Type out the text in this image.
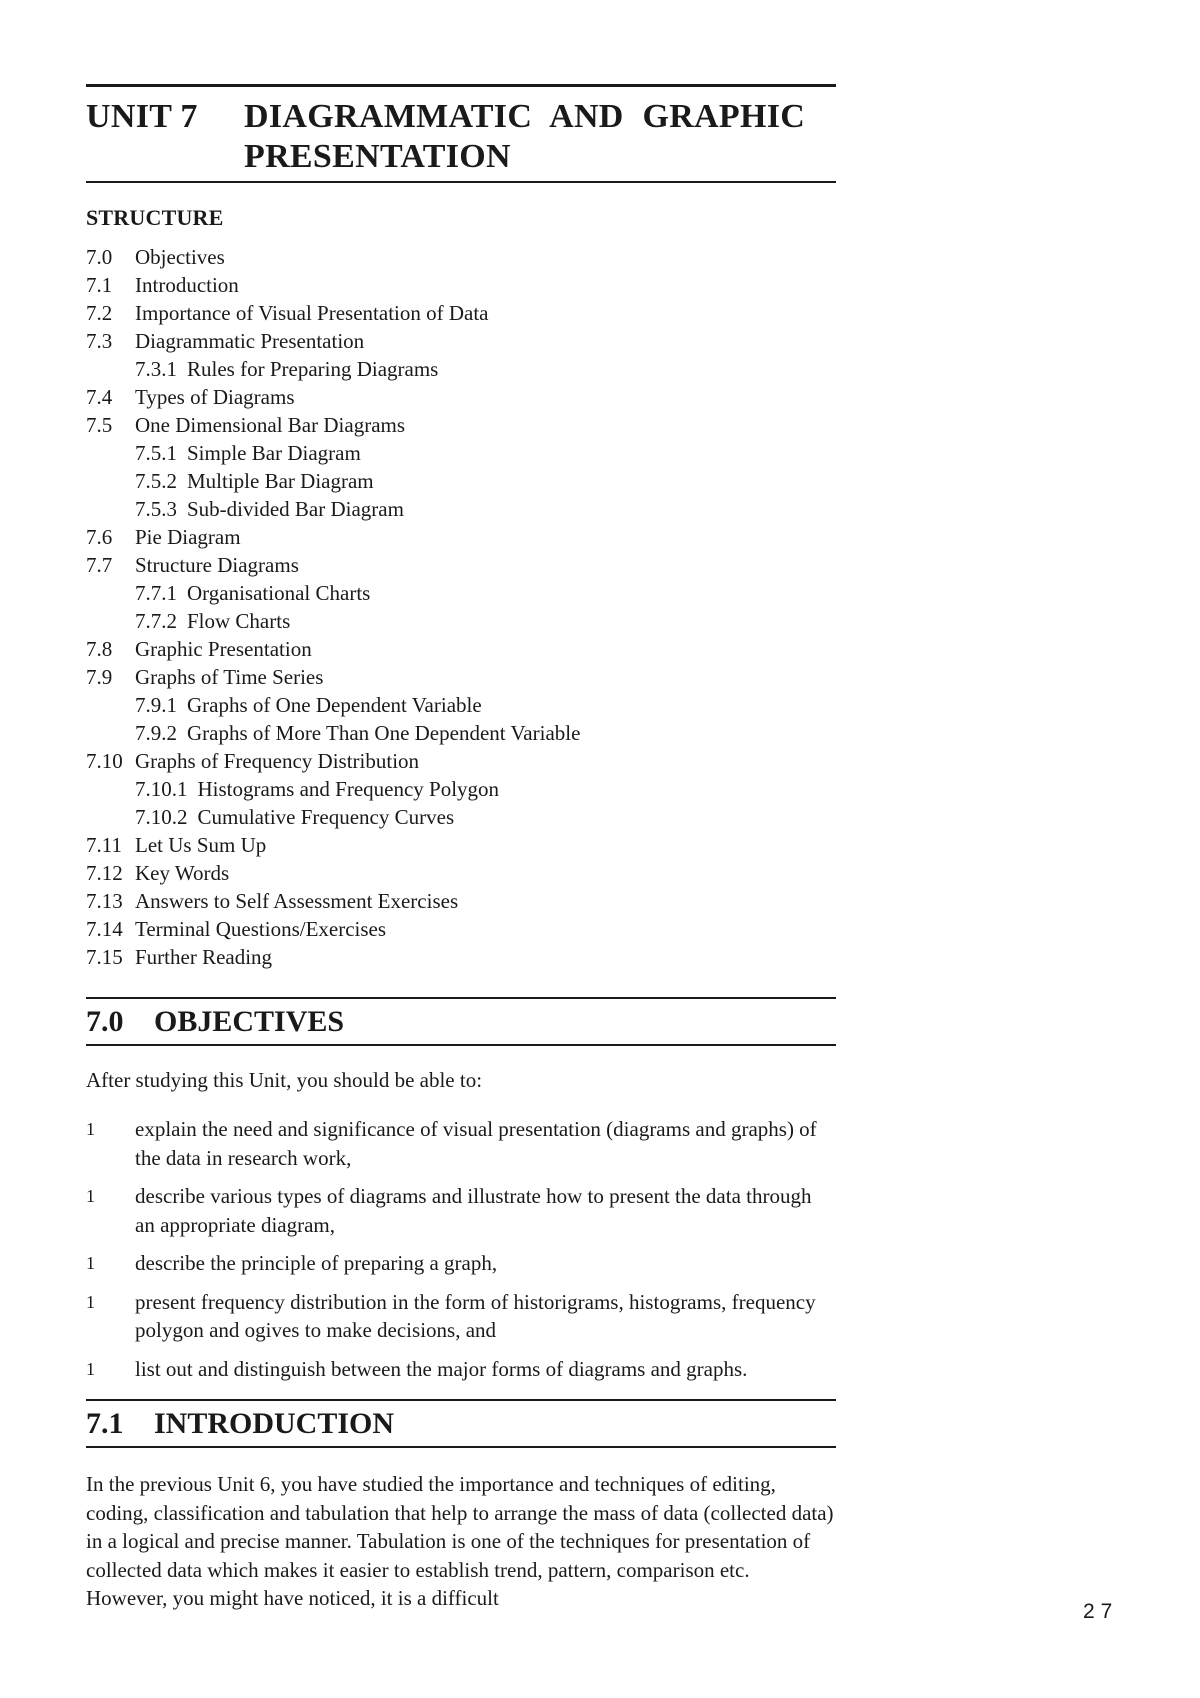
UNIT 7	DIAGRAMMATIC AND GRAPHIC
PRESENTATION
STRUCTURE
7.0	Objectives
7.1	Introduction
7.2	Importance of Visual Presentation of Data
7.3	Diagrammatic Presentation
7.3.1 Rules for Preparing Diagrams
7.4	Types of Diagrams
7.5	One Dimensional Bar Diagrams
7.5.1 Simple Bar Diagram
7.5.2 Multiple Bar Diagram
7.5.3 Sub-divided Bar Diagram
7.6	Pie Diagram
7.7	Structure Diagrams
7.7.1 Organisational Charts
7.7.2 Flow Charts
7.8	Graphic Presentation
7.9	Graphs of Time Series
7.9.1 Graphs of One Dependent Variable
7.9.2 Graphs of More Than One Dependent Variable
7.10 Graphs of Frequency Distribution
7.10.1 Histograms and Frequency Polygon
7.10.2 Cumulative Frequency Curves
7.11 Let Us Sum Up
7.12 Key Words
7.13 Answers to Self Assessment Exercises
7.14 Terminal Questions/Exercises
7.15 Further Reading
7.0	OBJECTIVES
After studying this Unit, you should be able to:
1	explain the need and significance of visual presentation (diagrams and graphs) of the data in research work,
1	describe various types of diagrams and illustrate how to present the data through an appropriate diagram,
1	describe the principle of preparing a graph,
1	present frequency distribution in the form of historigrams, histograms, frequency polygon and ogives to make decisions, and
1	list out and distinguish between the major forms of diagrams and graphs.
7.1	INTRODUCTION
In the previous Unit 6, you have studied the importance and techniques of editing, coding, classification and tabulation that help to arrange the mass of data (collected data) in a logical and precise manner. Tabulation is one of the techniques for presentation of collected data which makes it easier to establish trend, pattern, comparison etc. However, you might have noticed, it is a difficult
27
